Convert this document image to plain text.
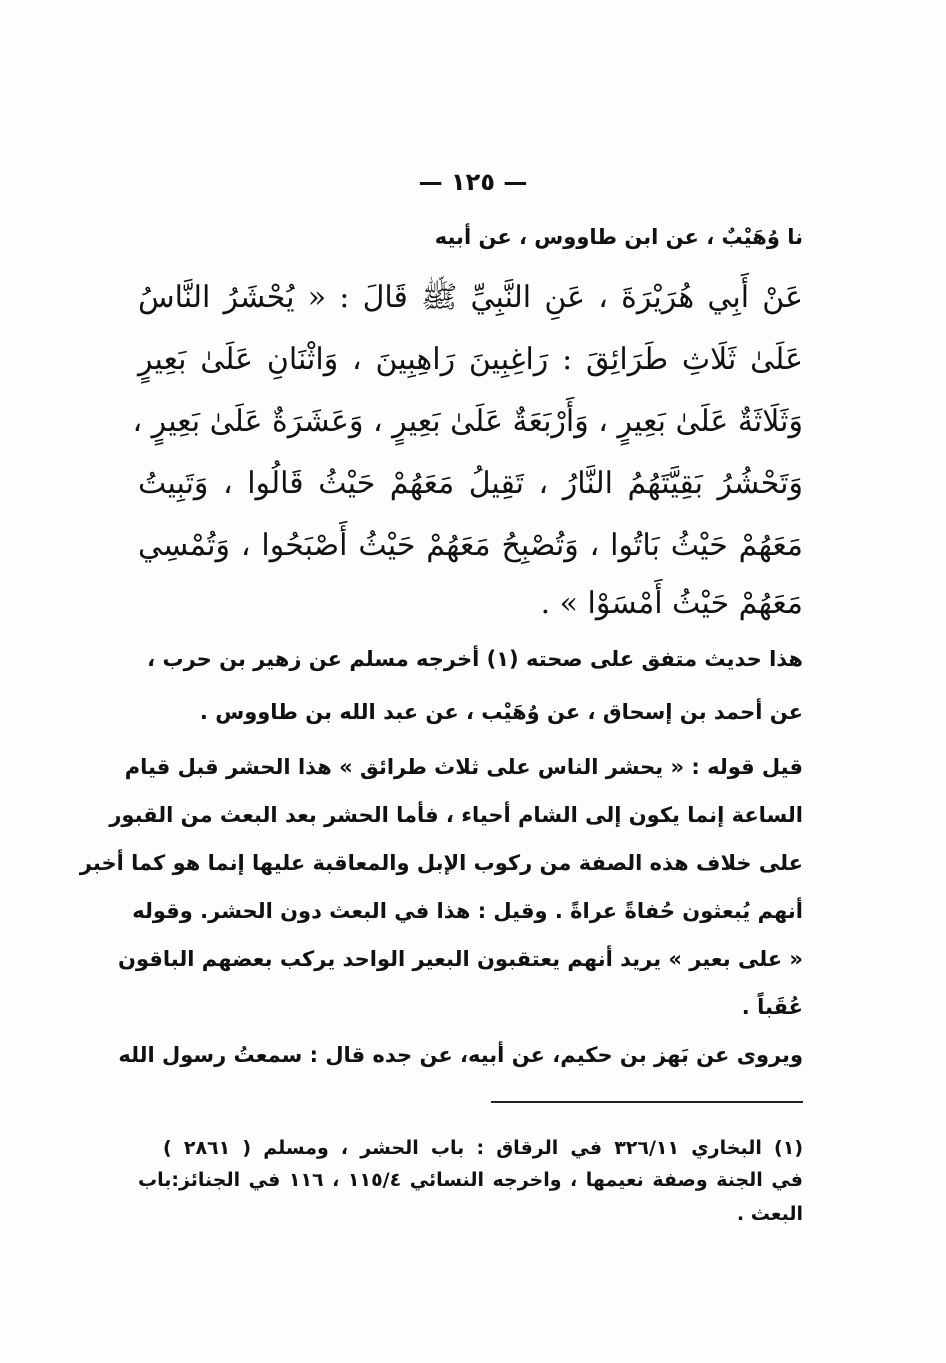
— ١٢٥ —
نا وُهَيْبٌ ، عن ابن طاووس ، عن أبيه
عَنْ أَبِي هُرَيْرَةَ ، عَنِ النَّبِيِّ ﷺ قَالَ : « يُحْشَرُ النَّاسُ
عَلَىٰ ثَلَاثِ طَرَائِقَ : رَاغِبِينَ رَاهِبِينَ ، وَاثْنَانِ عَلَىٰ بَعِيرٍ
وَثَلَاثَةٌ عَلَىٰ بَعِيرٍ ، وَأَرْبَعَةٌ عَلَىٰ بَعِيرٍ ، وَعَشَرَةٌ عَلَىٰ بَعِيرٍ ،
وَتَحْشُرُ بَقِيَّتَهُمُ النَّارُ ، تَقِيلُ مَعَهُمْ حَيْثُ قَالُوا ، وَتَبِيتُ
مَعَهُمْ حَيْثُ بَاتُوا ، وَتُصْبِحُ مَعَهُمْ حَيْثُ أَصْبَحُوا ، وَتُمْسِي
مَعَهُمْ حَيْثُ أَمْسَوْا » .
هذا حديث متفق على صحته (١) أخرجه مسلم عن زهير بن حرب ،
عن أحمد بن إسحاق ، عن وُهَيْب ، عن عبد الله بن طاووس .
قيل قوله : « يحشر الناس على ثلاث طرائق » هذا الحشر قبل قيام
الساعة إنما يكون إلى الشام أحياء ، فأما الحشر بعد البعث من القبور
على خلاف هذه الصفة من ركوب الإبل والمعاقبة عليها إنما هو كما أخبر
أنهم يُبعثون حُفاةً عراةً . وقيل : هذا في البعث دون الحشر. وقوله
« على بعير » يريد أنهم يعتقبون البعير الواحد يركب بعضهم الباقون
عُقَباً .
ويروى عن بَهز بن حكيم، عن أبيه، عن جده قال : سمعتُ رسول الله
(١) البخاري ٣٢٦/١١ في الرقاق : باب الحشر ، ومسلم ( ٢٨٦١ )
في الجنة وصفة نعيمها ، واخرجه النسائي ١١٥/٤ ، ١١٦ في الجنائز:باب
البعث .
